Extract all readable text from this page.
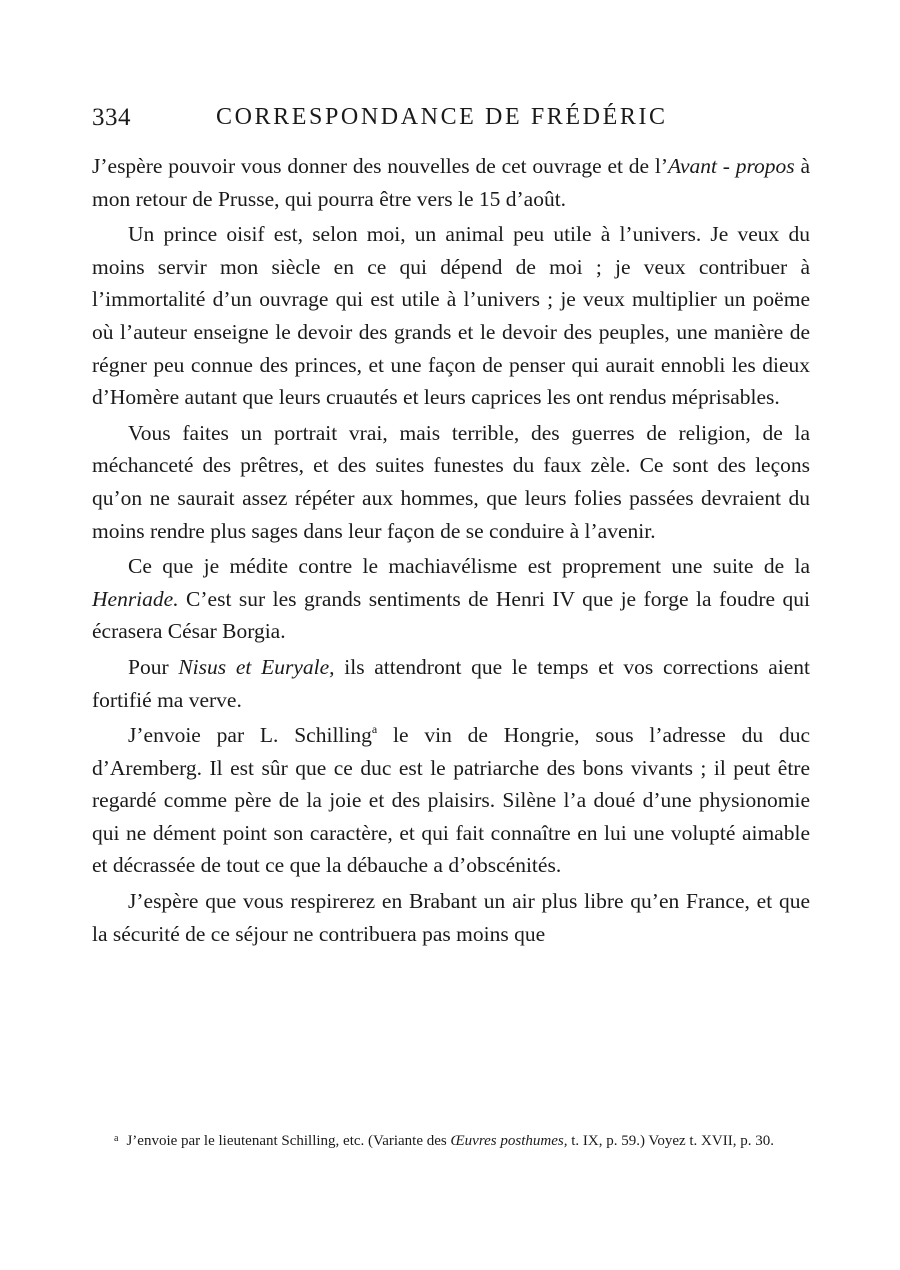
334	CORRESPONDANCE DE FRÉDÉRIC

J’espère pouvoir vous donner des nouvelles de cet ouvrage et de l’Avant - propos à mon retour de Prusse, qui pourra être vers le 15 d’août.

Un prince oisif est, selon moi, un animal peu utile à l’univers. Je veux du moins servir mon siècle en ce qui dépend de moi ; je veux contribuer à l’immortalité d’un ouvrage qui est utile à l’univers ; je veux multiplier un poëme où l’auteur enseigne le devoir des grands et le devoir des peuples, une manière de régner peu connue des princes, et une façon de penser qui aurait ennobli les dieux d’Homère autant que leurs cruautés et leurs caprices les ont rendus méprisables.

Vous faites un portrait vrai, mais terrible, des guerres de religion, de la méchanceté des prêtres, et des suites funestes du faux zèle. Ce sont des leçons qu’on ne saurait assez répéter aux hommes, que leurs folies passées devraient du moins rendre plus sages dans leur façon de se conduire à l’avenir.

Ce que je médite contre le machiavélisme est proprement une suite de la Henriade. C’est sur les grands sentiments de Henri IV que je forge la foudre qui écrasera César Borgia.

Pour Nisus et Euryale, ils attendront que le temps et vos corrections aient fortifié ma verve.

J’envoie par L. Schilling$^a$ le vin de Hongrie, sous l’adresse du duc d’Aremberg. Il est sûr que ce duc est le patriarche des bons vivants ; il peut être regardé comme père de la joie et des plaisirs. Silène l’a doué d’une physionomie qui ne dément point son caractère, et qui fait connaître en lui une volupté aimable et décrassée de tout ce que la débauche a d’obscénités.

J’espère que vous respirerez en Brabant un air plus libre qu’en France, et que la sécurité de ce séjour ne contribuera pas moins que

$^a$ J’envoie par le lieutenant Schilling, etc. (Variante des Œuvres posthumes, t. IX, p. 59.) Voyez t. XVII, p. 30.
